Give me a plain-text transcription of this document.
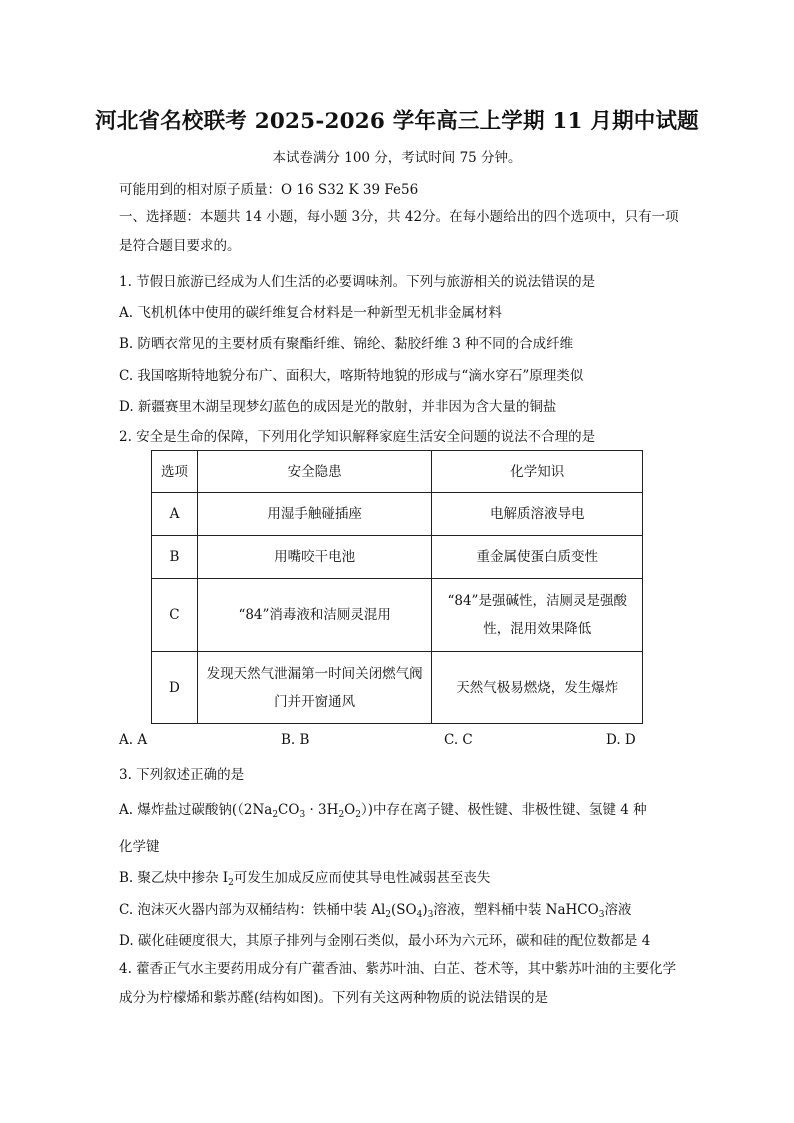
河北省名校联考 2025-2026 学年高三上学期 11 月期中试题
本试卷满分 100 分，考试时间 75 分钟。
可能用到的相对原子质量：O 16 S32 K 39 Fe56
一、选择题：本题共 14 小题，每小题 3分，共 42分。在每小题给出的四个选项中，只有一项是符合题目要求的。
1. 节假日旅游已经成为人们生活的必要调味剂。下列与旅游相关的说法错误的是
A. 飞机机体中使用的碳纤维复合材料是一种新型无机非金属材料
B. 防晒衣常见的主要材质有聚酯纤维、锦纶、黏胶纤维 3 种不同的合成纤维
C. 我国喀斯特地貌分布广、面积大，喀斯特地貌的形成与“滴水穿石”原理类似
D. 新疆赛里木湖呈现梦幻蓝色的成因是光的散射，并非因为含大量的铜盐
2. 安全是生命的保障，下列用化学知识解释家庭生活安全问题的说法不合理的是
选项	安全隐患	化学知识
A	用湿手触碰插座	电解质溶液导电
B	用嘴咬干电池	重金属使蛋白质变性
C	“84”消毒液和洁厕灵混用	“84”是强碱性，洁厕灵是强酸性，混用效果降低
D	发现天然气泄漏第一时间关闭燃气阀门并开窗通风	天然气极易燃烧，发生爆炸
A. A	B. B	C. C	D. D
3. 下列叙述正确的是
A. 爆炸盐过碳酸钠$((2Na_2CO_3 \cdot 3H_2O_2))$中存在离子键、极性键、非极性键、氢键 4 种
化学键
B. 聚乙炔中掺杂 $I_2$可发生加成反应而使其导电性减弱甚至丧失
C. 泡沫灭火器内部为双桶结构：铁桶中装 $Al_2(SO_4)_3$溶液，塑料桶中装 NaHCO$_3$溶液
D. 碳化硅硬度很大，其原子排列与金刚石类似，最小环为六元环，碳和硅的配位数都是 4
4. 藿香正气水主要药用成分有广藿香油、紫苏叶油、白芷、苍术等，其中紫苏叶油的主要化学成分为柠檬烯和紫苏醛(结构如图)。下列有关这两种物质的说法错误的是
